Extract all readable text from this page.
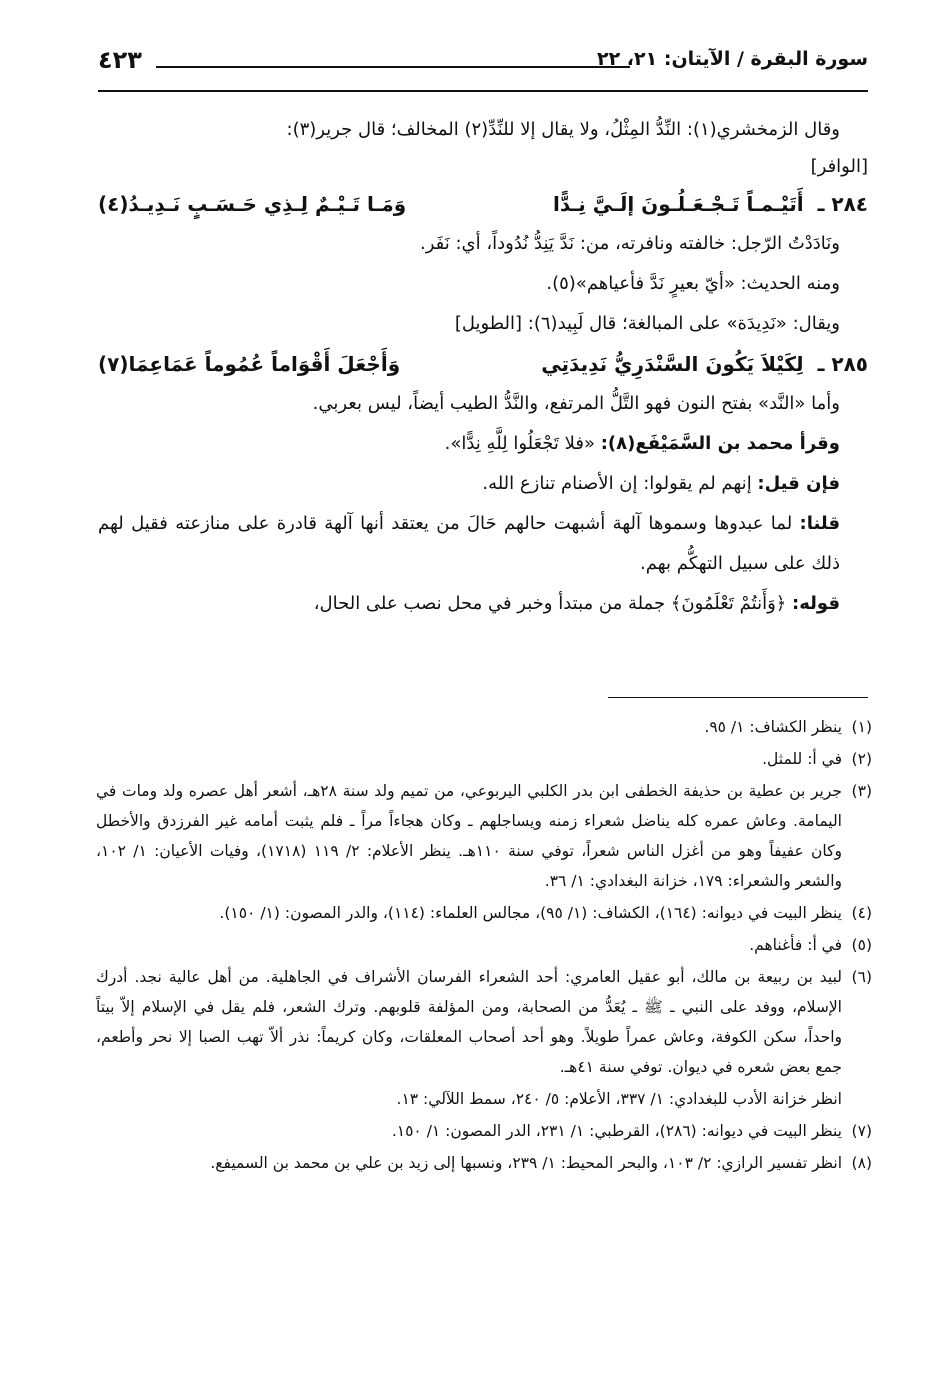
سورة البقرة / الآيتان: ٢١، ٢٢
٤٢٣

وقال الزمخشري(١): النِّدُّ المِثْلُ، ولا يقال إلا للنِّدِّ(٢) المخالف؛ قال جرير(٣):

[الوافر]
٢٨٤ ـ
أَتَيْـمـاً تَـجْـعَـلُـونَ إلَـيَّ نِـدًّا
وَمَـا تَـيْـمٌ لِـذِي حَـسَـبٍ نَـدِيـدُ(٤)

ونَادَدْتُ الرّجل: خالفته ونافرته، من: نَدَّ يَنِدُّ نُدُوداً، أي: نَفَر.

ومنه الحديث: «أيّ بعيرٍ نَدَّ فأعياهم»(٥).

ويقال: «نَدِيدَة» على المبالغة؛ قال لَبِيد(٦): [الطويل]

٢٨٥ ـ
لِكَيْلاَ يَكُونَ السَّنْدَرِيُّ نَدِيدَتِي
وَأَجْعَلَ أَقْوَاماً عُمُوماً عَمَاعِمَا(٧)

وأما «النَّد» بفتح النون فهو التَّلُّ المرتفع، والنَّدُّ الطيب أيضاً، ليس بعربي.

وقرأ محمد بن السَّمَيْفَع(٨): «فلا تَجْعَلُوا لِلَّهِ نِدًّا».

فإن قيل: إنهم لم يقولوا: إن الأصنام تنازع الله.

قلنا: لما عبدوها وسموها آلهة أشبهت حالهم حَالَ من يعتقد أنها آلهة قادرة على منازعته فقيل لهم ذلك على سبيل التهكُّم بهم.

قوله: ﴿وَأَنتُمْ تَعْلَمُونَ﴾ جملة من مبتدأ وخبر في محل نصب على الحال،

(١)
ينظر الكشاف: ١/ ٩٥.
(٢)
في أ: للمثل.
(٣)
جرير بن عطية بن حذيفة الخطفى ابن بدر الكلبي اليربوعي، من تميم ولد سنة ٢٨هـ، أشعر أهل عصره ولد ومات في اليمامة. وعاش عمره كله يناضل شعراء زمنه ويساجلهم ـ وكان هجاءاً مراً ـ فلم يثبت أمامه غير الفرزدق والأخطل وكان عفيفاً وهو من أغزل الناس شعراً، توفي سنة ١١٠هـ. ينظر الأعلام: ٢/ ١١٩ (١٧١٨)، وفيات الأعيان: ١/ ١٠٢، والشعر والشعراء: ١٧٩، خزانة البغدادي: ١/ ٣٦.
(٤)
ينظر البيت في ديوانه: (١٦٤)، الكشاف: (١/ ٩٥)، مجالس العلماء: (١١٤)، والدر المصون: (١/ ١٥٠).
(٥)
في أ: فأغناهم.
(٦)
لبيد بن ربيعة بن مالك، أبو عقيل العامري: أحد الشعراء الفرسان الأشراف في الجاهلية. من أهل عالية نجد. أدرك الإسلام، ووفد على النبي ـ ﷺ ـ يُعَدُّ من الصحابة، ومن المؤلفة قلوبهم. وترك الشعر، فلم يقل في الإسلام إلاّ بيتاً واحداً، سكن الكوفة، وعاش عمراً طويلاً. وهو أحد أصحاب المعلقات، وكان كريماً: نذر ألاّ تهب الصبا إلا نحر وأطعم، جمع بعض شعره في ديوان. توفي سنة ٤١هـ.
انظر خزانة الأدب للبغدادي: ١/ ٣٣٧، الأعلام: ٥/ ٢٤٠، سمط اللآلي: ١٣.
(٧)
ينظر البيت في ديوانه: (٢٨٦)، القرطبي: ١/ ٢٣١، الدر المصون: ١/ ١٥٠.
(٨)
انظر تفسير الرازي: ٢/ ١٠٣، والبحر المحيط: ١/ ٢٣٩، ونسبها إلى زيد بن علي بن محمد بن السميفع.
